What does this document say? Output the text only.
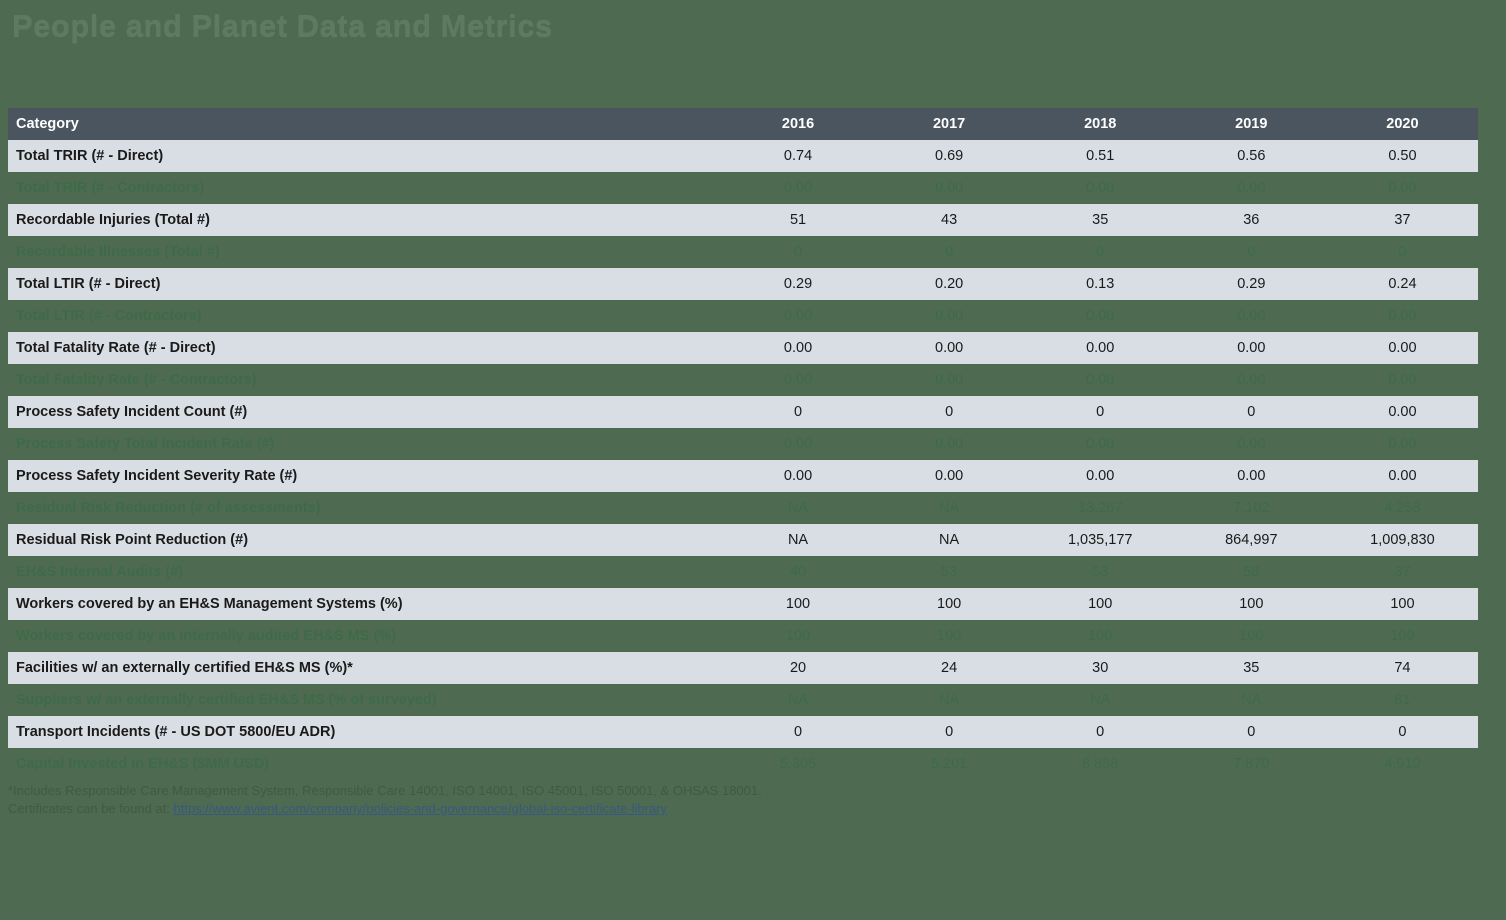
People and Planet Data and Metrics
Category	2016	2017	2018	2019	2020
Total TRIR (# - Direct)	0.74	0.69	0.51	0.56	0.50
Total TRIR (# - Contractors)	0.00	0.00	0.00	0.00	0.00
Recordable Injuries (Total #)	51	43	35	36	37
Recordable Illnesses (Total #)	0	0	0	0	0
Total LTIR (# - Direct)	0.29	0.20	0.13	0.29	0.24
Total LTIR (# - Contractors)	0.00	0.00	0.00	0.00	0.00
Total Fatality Rate (# - Direct)	0.00	0.00	0.00	0.00	0.00
Total Fatality Rate (# - Contractors)	0.00	0.00	0.00	0.00	0.00
Process Safety Incident Count (#)	0	0	0	0	0.00
Process Safety Total Incident Rate (#)	0.00	0.00	0.00	0.00	0.00
Process Safety Incident Severity Rate (#)	0.00	0.00	0.00	0.00	0.00
Residual Risk Reduction (# of assessments)	NA	NA	13,267	7,102	4,258
Residual Risk Point Reduction (#)	NA	NA	1,035,177	864,997	1,009,830
EH&S Internal Audits (#)	40	53	53	58	37
Workers covered by an EH&S Management Systems (%)	100	100	100	100	100
Workers covered by an internally audited EH&S MS (%)	100	100	100	100	100
Facilities w/ an externally certified EH&S MS (%)*	20	24	30	35	74
Suppliers w/ an externally certified EH&S MS (% of surveyed)	NA	NA	NA	NA	81
Transport Incidents (# - US DOT 5800/EU ADR)	0	0	0	0	0
Capital Invested in EH&S ($MM USD)	5.305	5.201	8.858	7.870	4.910
*Includes Responsible Care Management System, Responsible Care 14001, ISO 14001, ISO 45001, ISO 50001, & OHSAS 18001.
Certificates can be found at: https://www.avient.com/company/policies-and-governance/global-iso-certificate-library
